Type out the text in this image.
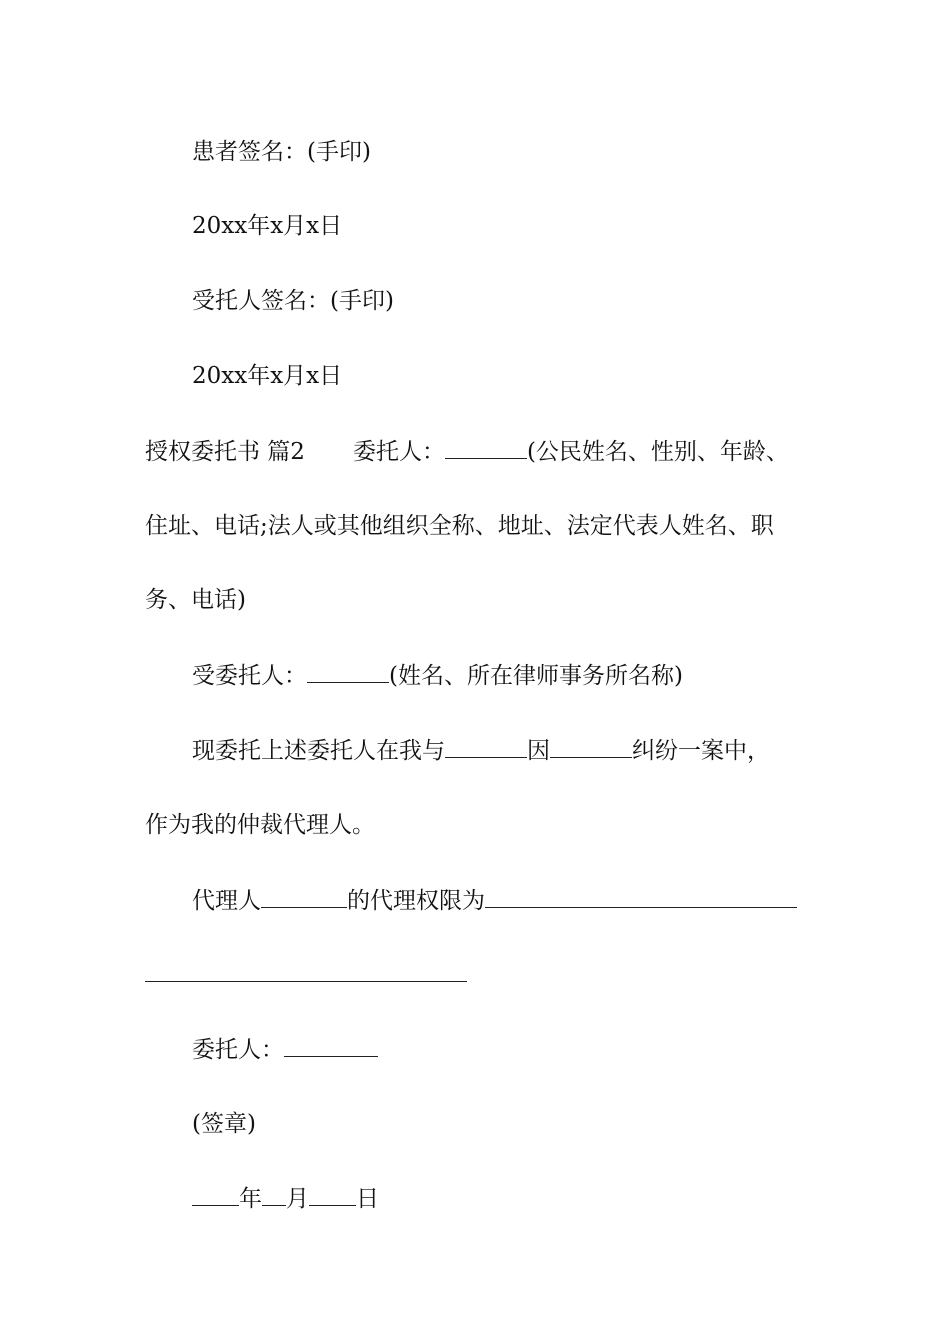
患者签名：(手印)
20xx年x月x日
受托人签名：(手印)
20xx年x月x日
授权委托书 篇2 委托人：	(公民姓名、性别、年龄、
住址、电话;法人或其他组织全称、地址、法定代表人姓名、职
务、电话)
受委托人：	(姓名、所在律师事务所名称)
现委托上述委托人在我与	因	纠纷一案中，
作为我的仲裁代理人。
代理人	的代理权限为
委托人：
(签章)
年 月 日
